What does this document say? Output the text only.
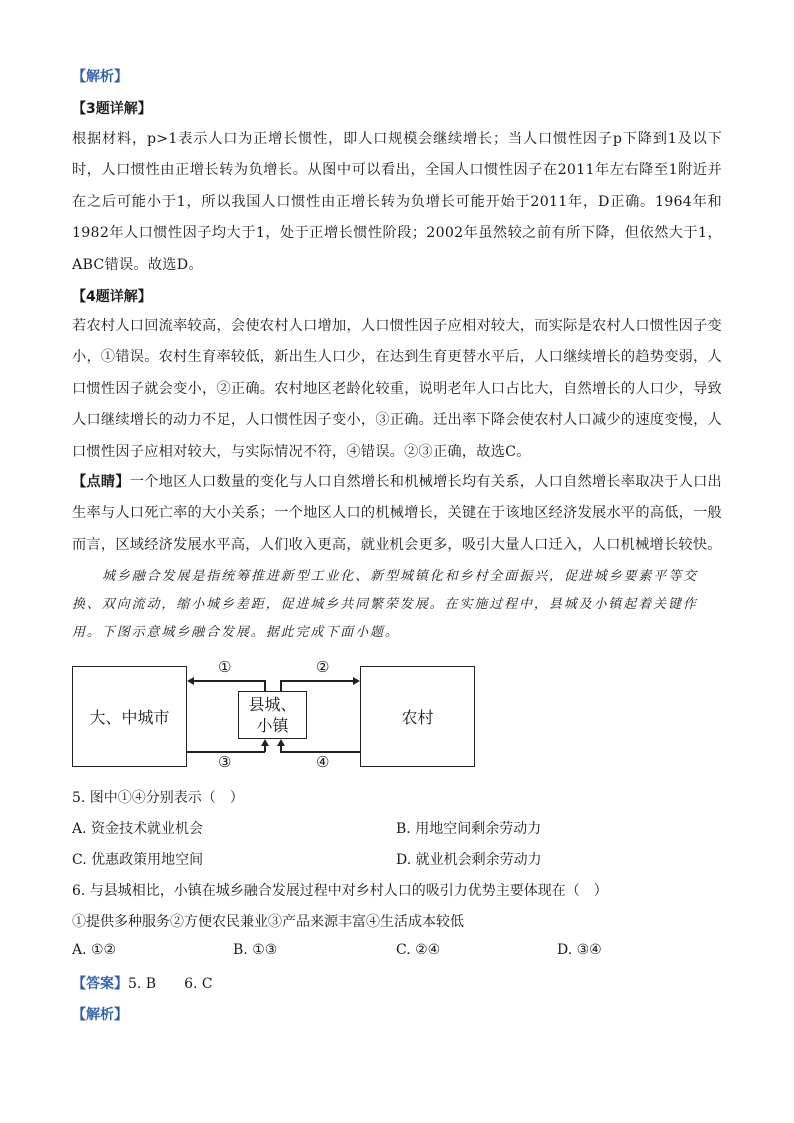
【解析】
【3题详解】

根据材料，p>1表示人口为正增长惯性，即人口规模会继续增长；当人口惯性因子p下降到1及以下时，人口惯性由正增长转为负增长。从图中可以看出，全国人口惯性因子在2011年左右降至1附近并在之后可能小于1，所以我国人口惯性由正增长转为负增长可能开始于2011年，D正确。1964年和1982年人口惯性因子均大于1，处于正增长惯性阶段；2002年虽然较之前有所下降，但依然大于1，ABC错误。故选D。

【4题详解】

若农村人口回流率较高，会使农村人口增加，人口惯性因子应相对较大，而实际是农村人口惯性因子变小，①错误。农村生育率较低，新出生人口少，在达到生育更替水平后，人口继续增长的趋势变弱，人口惯性因子就会变小，②正确。农村地区老龄化较重，说明老年人口占比大，自然增长的人口少，导致人口继续增长的动力不足，人口惯性因子变小，③正确。迁出率下降会使农村人口减少的速度变慢，人口惯性因子应相对较大，与实际情况不符，④错误。②③正确，故选C。

【点睛】一个地区人口数量的变化与人口自然增长和机械增长均有关系，人口自然增长率取决于人口出生率与人口死亡率的大小关系；一个地区人口的机械增长，关键在于该地区经济发展水平的高低，一般而言，区域经济发展水平高，人们收入更高，就业机会更多，吸引大量人口迁入，人口机械增长较快。

城乡融合发展是指统筹推进新型工业化、新型城镇化和乡村全面振兴，促进城乡要素平等交换、双向流动，缩小城乡差距，促进城乡共同繁荣发展。在实施过程中，县城及小镇起着关键作用。下图示意城乡融合发展。据此完成下面小题。

大、中城市
县城、
小镇	农村
①	②
③	④
5. 图中①④分别表示（　）
A. 资金技术就业机会	B. 用地空间剩余劳动力
C. 优惠政策用地空间	D. 就业机会剩余劳动力
6. 与县城相比，小镇在城乡融合发展过程中对乡村人口的吸引力优势主要体现在（　）
①提供多种服务②方便农民兼业③产品来源丰富④生活成本较低
A. ①②	B. ①③	C. ②④	D. ③④
【答案】5. B　　6. C
【解析】
